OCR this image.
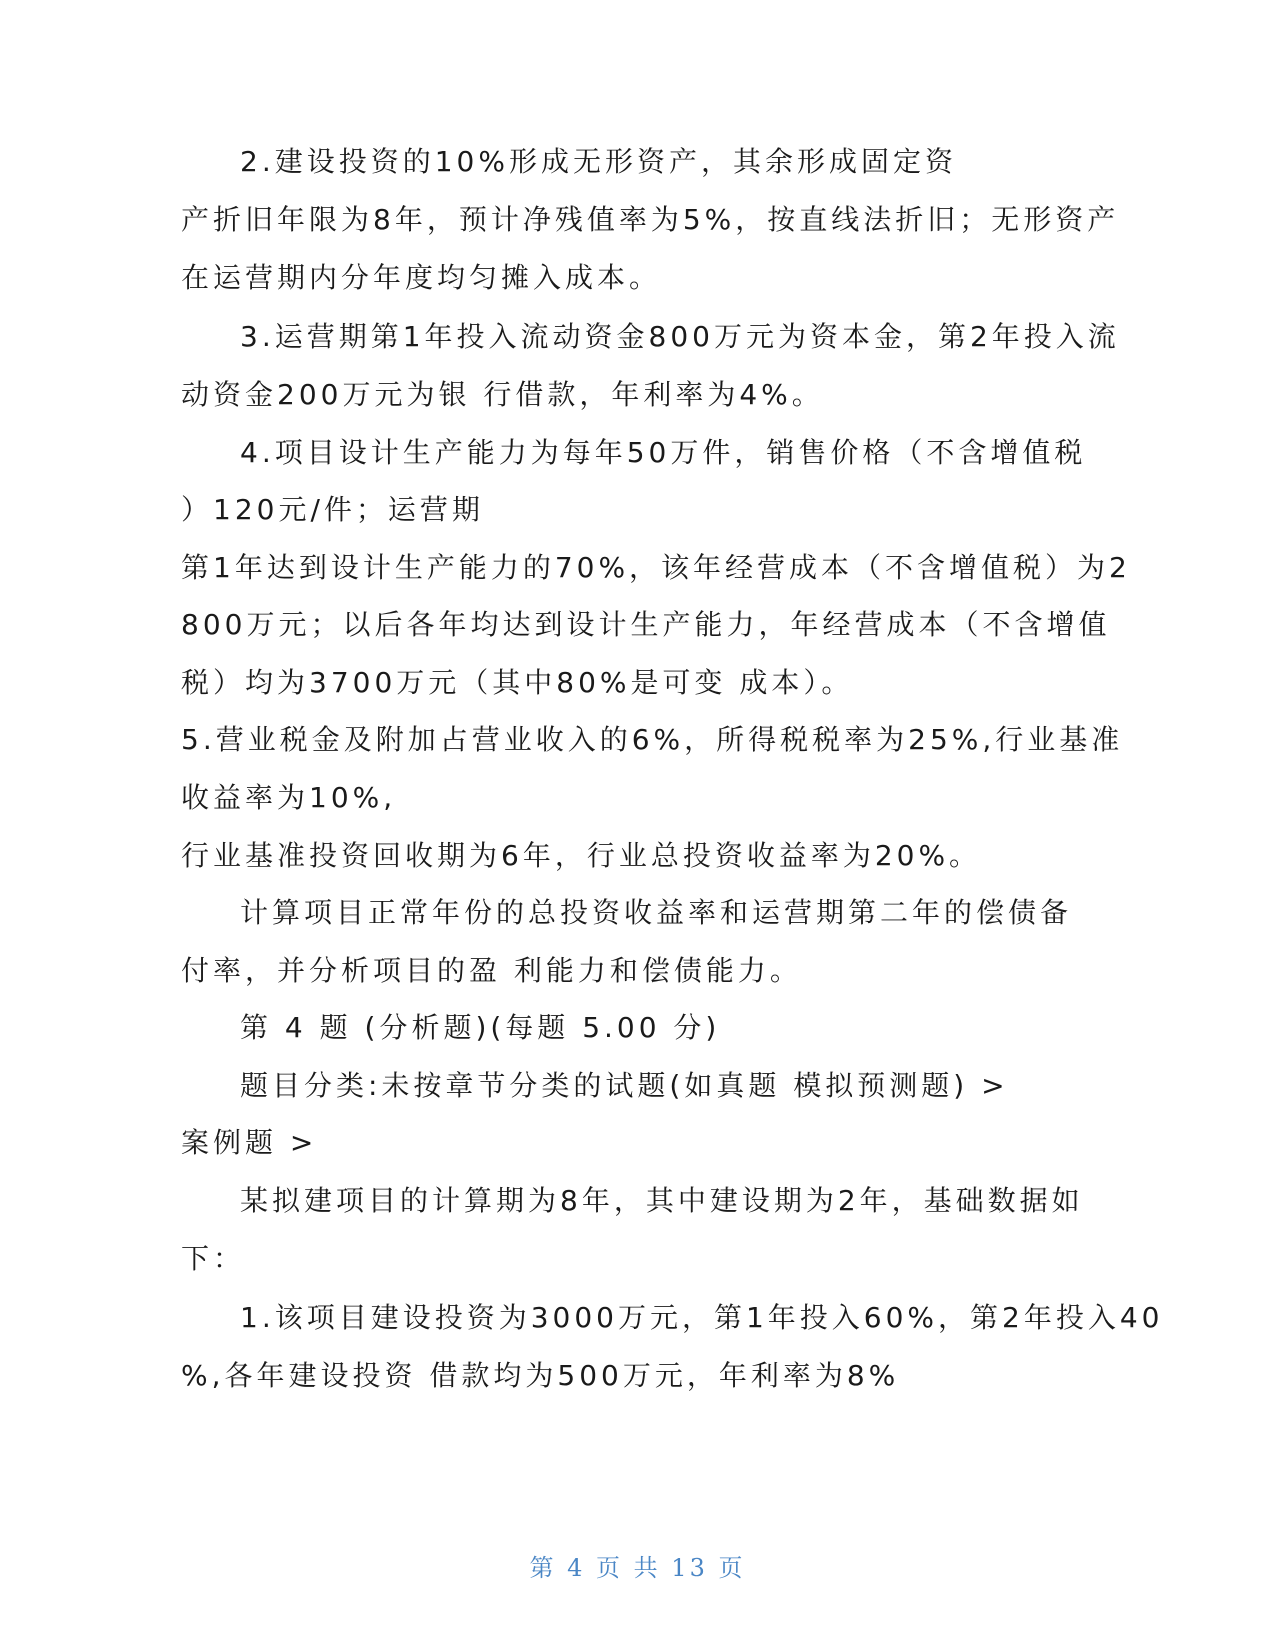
2.建设投资的10%形成无形资产，其余形成固定资
产折旧年限为8年，预计净残值率为5%，按直线法折旧；无形资产
在运营期内分年度均匀摊入成本。
3.运营期第1年投入流动资金800万元为资本金，第2年投入流
动资金200万元为银 行借款，年利率为4%。
4.项目设计生产能力为每年50万件，销售价格（不含增值税
）120元/件；运营期
第1年达到设计生产能力的70%，该年经营成本（不含增值税）为2
800万元；以后各年均达到设计生产能力，年经营成本（不含增值
税）均为3700万元（其中80%是可变 成本）。
5.营业税金及附加占营业收入的6%，所得税税率为25%,行业基准
收益率为10%,
行业基准投资回收期为6年，行业总投资收益率为20%。
计算项目正常年份的总投资收益率和运营期第二年的偿债备
付率，并分析项目的盈 利能力和偿债能力。
第 4 题 (分析题)(每题 5.00 分)
题目分类:未按章节分类的试题(如真题 模拟预测题) >
案例题 >
某拟建项目的计算期为8年，其中建设期为2年，基础数据如
下：
1.该项目建设投资为3000万元，第1年投入60%，第2年投入40
%,各年建设投资 借款均为500万元，年利率为8%
第 4 页 共 13 页
